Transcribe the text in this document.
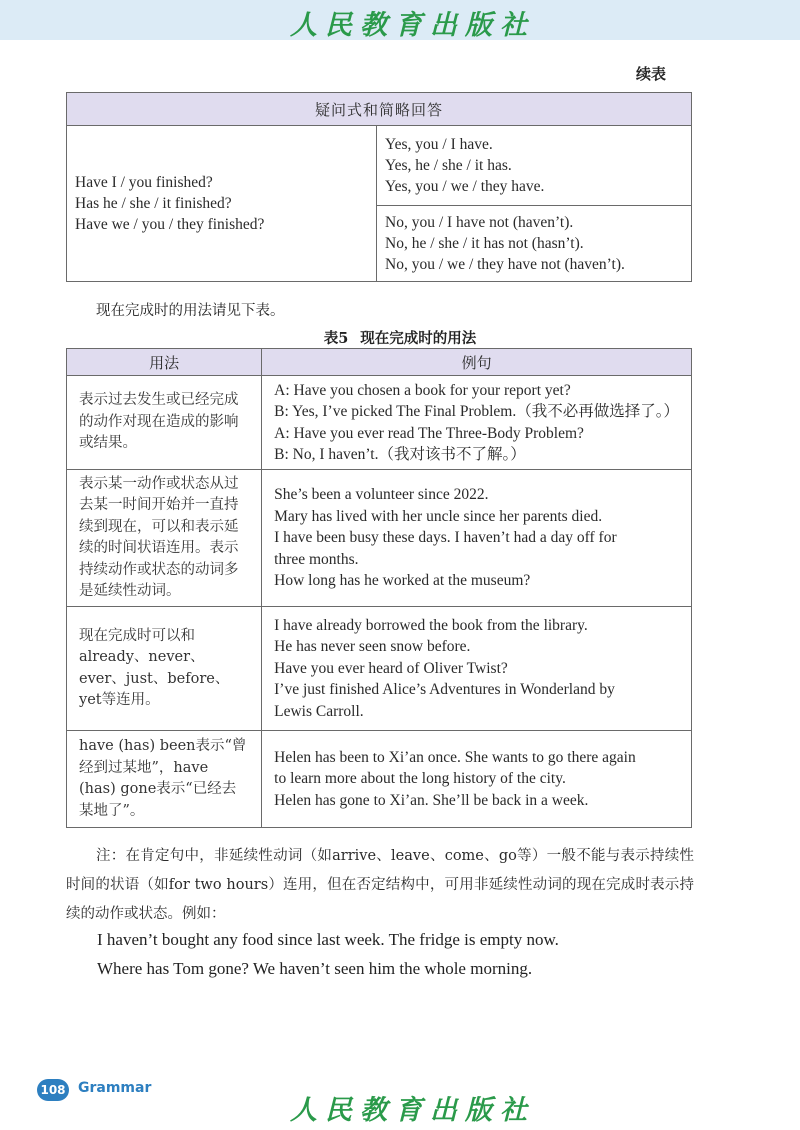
人民教育出版社
续表
疑问式和简略回答

Have I / you finished?
Has he / she / it finished?
Have we / you / they finished?

Yes, you / I have.
Yes, he / she / it has.
Yes, you / we / they have.

No, you / I have not (haven’t).
No, he / she / it has not (hasn’t).
No, you / we / they have not (haven’t).
现在完成时的用法请见下表。
表5 现在完成时的用法
用法	例句
表示过去发生或已经完成的动作对现在造成的影响或结果。	A: Have you chosen a book for your report yet?
B: Yes, I’ve picked The Final Problem.（我不必再做选择了。）
A: Have you ever read The Three-Body Problem?
B: No, I haven’t.（我对该书不了解。）

表示某一动作或状态从过去某一时间开始并一直持续到现在，可以和表示延续的时间状语连用。表示持续动作或状态的动词多是延续性动词。	She’s been a volunteer since 2022.
Mary has lived with her uncle since her parents died.
I have been busy these days. I haven’t had a day off for
three months.
How long has he worked at the museum?

现在完成时可以和already、never、ever、just、before、yet等连用。	I have already borrowed the book from the library.
He has never seen snow before.
Have you ever heard of Oliver Twist?
I’ve just finished Alice’s Adventures in Wonderland by
Lewis Carroll.

have (has) been表示“曾经到过某地”，have (has) gone表示“已经去某地了”。	Helen has been to Xi’an once. She wants to go there again
to learn more about the long history of the city.
Helen has gone to Xi’an. She’ll be back in a week.
注：在肯定句中，非延续性动词（如arrive、leave、come、go等）一般不能与表示持续性时间的状语（如for two hours）连用，但在否定结构中，可用非延续性动词的现在完成时表示持续的动作或状态。例如：
I haven’t bought any food since last week. The fridge is empty now.
Where has Tom gone? We haven’t seen him the whole morning.
108 Grammar
人民教育出版社
